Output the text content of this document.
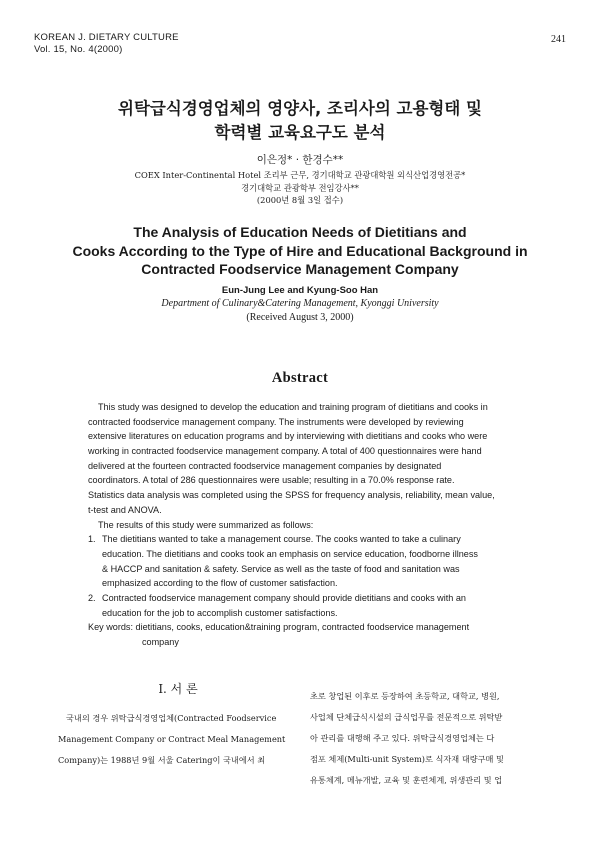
KOREAN J. DIETARY CULTURE
Vol. 15, No. 4(2000)
241
위탁급식경영업체의 영양사, 조리사의 고용형태 및
학력별 교육요구도 분석
이은정* · 한경수**
COEX Inter-Continental Hotel 조리부 근무, 경기대학교 관광대학원 외식산업경영전공*
경기대학교 관광학부 전임강사**
(2000년 8월 3일 접수)
The Analysis of Education Needs of Dietitians and
Cooks According to the Type of Hire and Educational Background in
Contracted Foodservice Management Company
Eun-Jung Lee and Kyung-Soo Han
Department of Culinary&Catering Management, Kyonggi University
(Received August 3, 2000)
Abstract
This study was designed to develop the education and training program of dietitians and cooks in
contracted foodservice management company. The instruments were developed by reviewing
extensive literatures on education programs and by interviewing with dietitians and cooks who were
working in contracted foodservice management company. A total of 400 questionnaires were hand
delivered at the fourteen contracted foodservice management companies by designated
coordinators. A total of 286 questionnaires were usable; resulting in a 70.0% response rate.
Statistics data analysis was completed using the SPSS for frequency analysis, reliability, mean value,
t-test and ANOVA.
The results of this study were summarized as follows:
1. The dietitians wanted to take a management course. The cooks wanted to take a culinary
education. The dietitians and cooks took an emphasis on service education, foodborne illness
& HACCP and sanitation & safety. Service as well as the taste of food and sanitation was
emphasized according to the flow of customer satisfaction.
2. Contracted foodservice management company should provide dietitians and cooks with an
education for the job to accomplish customer satisfactions.
Key words: dietitians, cooks, education&training program, contracted foodservice management
company
I. 서 론
국내의 경우 위탁급식경영업체(Contracted Foodservice
Management Company or Contract Meal Management
Company)는 1988년 9월 서울 Catering이 국내에서 최
초로 창업된 이후로 등장하여 초등학교, 대학교, 병원,
사업체 단체급식시설의 급식업무를 전문적으로 위탁받
아 관리를 대행해 주고 있다. 위탁급식경영업체는 다
점포 체제(Multi-unit System)로 식자재 대량구매 및
유통체계, 메뉴개발, 교육 및 훈련체계, 위생관리 및 업
